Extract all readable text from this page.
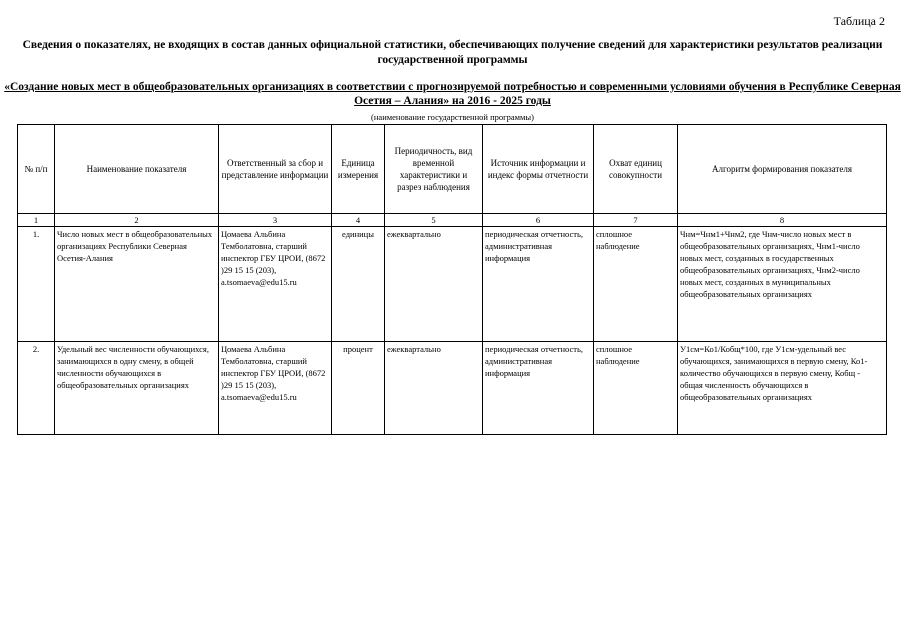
Таблица 2
Сведения о показателях, не входящих в состав данных официальной статистики, обеспечивающих получение сведений для характеристики результатов реализации государственной программы
«Создание новых мест в общеобразовательных организациях в соответствии с прогнозируемой потребностью и современными условиями обучения в Республике Северная Осетия – Алания» на 2016 - 2025 годы
(наименование государственной программы)
№ п/п	Наименование показателя	Ответственный за сбор и представление информации	Единица измерения	Периодичность, вид временной характеристики и разрез наблюдения	Источник информации и индекс формы отчетности	Охват единиц совокупности	Алгоритм формирования показателя
1	2	3	4	5	6	7	8
1.	Число новых мест в общеобразовательных организациях Республики Северная Осетия-Алания	Цомаева Альбина Темболатовна, старший инспектор ГБУ ЦРОИ, (8672 )29 15 15 (203), a.tsomaeva@edu15.ru	единицы	ежеквартально	периодическая отчетность, административная информация	сплошное наблюдение	Чнм=Чнм1+Чнм2, где Чнм-число новых мест в общеобразовательных организациях, Чнм1-число новых мест, созданных в государственных общеобразовательных организациях, Чнм2-число новых мест, созданных в муниципальных общеобразовательных организациях
2.	Удельный вес численности обучающихся, занимающихся в одну смену, в общей численности обучающихся в общеобразовательных организациях	Цомаева Альбина Темболатовна, старший инспектор ГБУ ЦРОИ, (8672 )29 15 15 (203), a.tsomaeva@edu15.ru	процент	ежеквартально	периодическая отчетность, административная информация	сплошное наблюдение	У1см=Ко1/Кобщ*100, где У1см-удельный вес обучающихся, занимающихся в первую смену, Ко1-количество обучающихся в первую смену, Кобщ - общая численность обучающихся в общеобразовательных организациях
